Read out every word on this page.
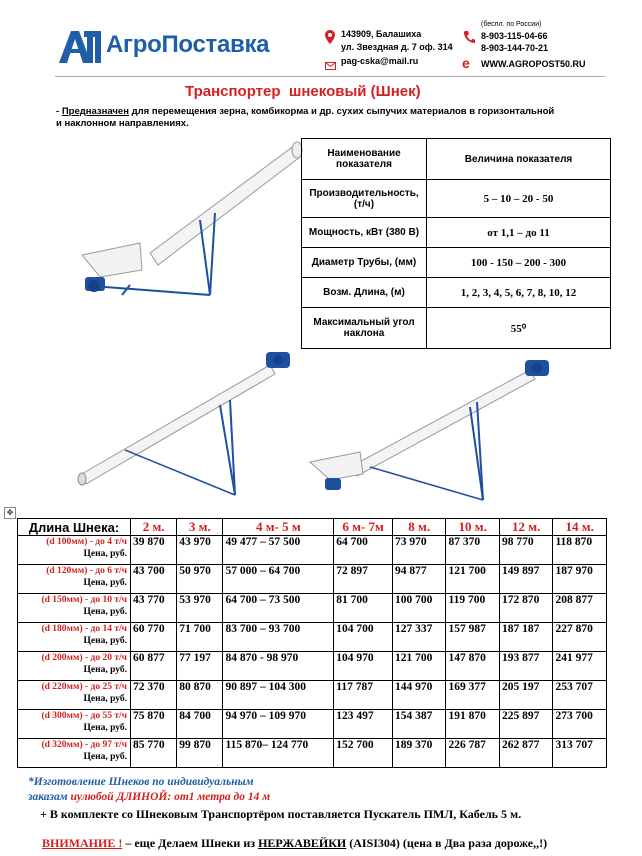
АгроПоставка	143909, Балашиха
ул. Звездная д. 7 оф. 314
pag-cska@mail.ru
(беспл. по России)
8-903-115-04-66
8-903-144-70-21
e WWW.AGROPOST50.RU
Транспортер  шнековый (Шнек)
- Предназначен для перемещения зерна, комбикорма и др. сухих сыпучих материалов в горизонтальной
и наклонном направлениях.
Наименование показателя	Величина показателя
Производительность, (т/ч)	5 – 10 – 20 - 50
Мощность, кВт (380 В)	от 1,1 – до 11
Диаметр Трубы, (мм)	100 - 150 – 200 - 300
Возм. Длина, (м)	1, 2, 3, 4, 5, 6, 7, 8, 10, 12
Максимальный угол наклона	55⁰
✥
Длина Шнека:	2 м.	3 м.	4 м- 5 м	6 м- 7м	8 м.	10 м.	12 м.	14 м.
(d 100мм) - до 4 т/ч
Цена, руб.	39 870	43 970	49 477 – 57 500	64 700	73 970	87 370	98 770	118 870
(d 120мм) - до 6 т/ч
Цена, руб.	43 700	50 970	57 000 – 64 700	72 897	94 877	121 700	149 897	187 970
(d 150мм) - до 10 т/ч
Цена, руб.	43 770	53 970	64 700 – 73 500	81 700	100 700	119 700	172 870	208 877
(d 180мм) - до 14 т/ч
Цена, руб.	60 770	71 700	83 700 – 93 700	104 700	127 337	157 987	187 187	227 870
(d 200мм) - до 20 т/ч
Цена, руб.	60 877	77 197	84 870 - 98 970	104 970	121 700	147 870	193 877	241 977
(d 220мм) - до 25 т/ч
Цена, руб.	72 370	80 870	90 897 – 104 300	117 787	144 970	169 377	205 197	253 707
(d 300мм) - до 55 т/ч
Цена, руб.	75 870	84 700	94 970 – 109 970	123 497	154 387	191 870	225 897	273 700
(d 320мм) - до 97 т/ч
Цена, руб.	85 770	99 870	115 870– 124 770	152 700	189 370	226 787	262 877	313 707
*Изготовление Шнеков по индивидуальным
заказам иулюбой ДЛИНОЙ: от1 метра до 14 м
+ В комплекте со Шнековым Транспортёром поставляется Пускатель ПМЛ, Кабель 5 м.
ВНИМАНИЕ ! – еще Делаем Шнеки из НЕРЖАВЕЙКИ (AISI304) (цена в Два раза дороже,,!)
